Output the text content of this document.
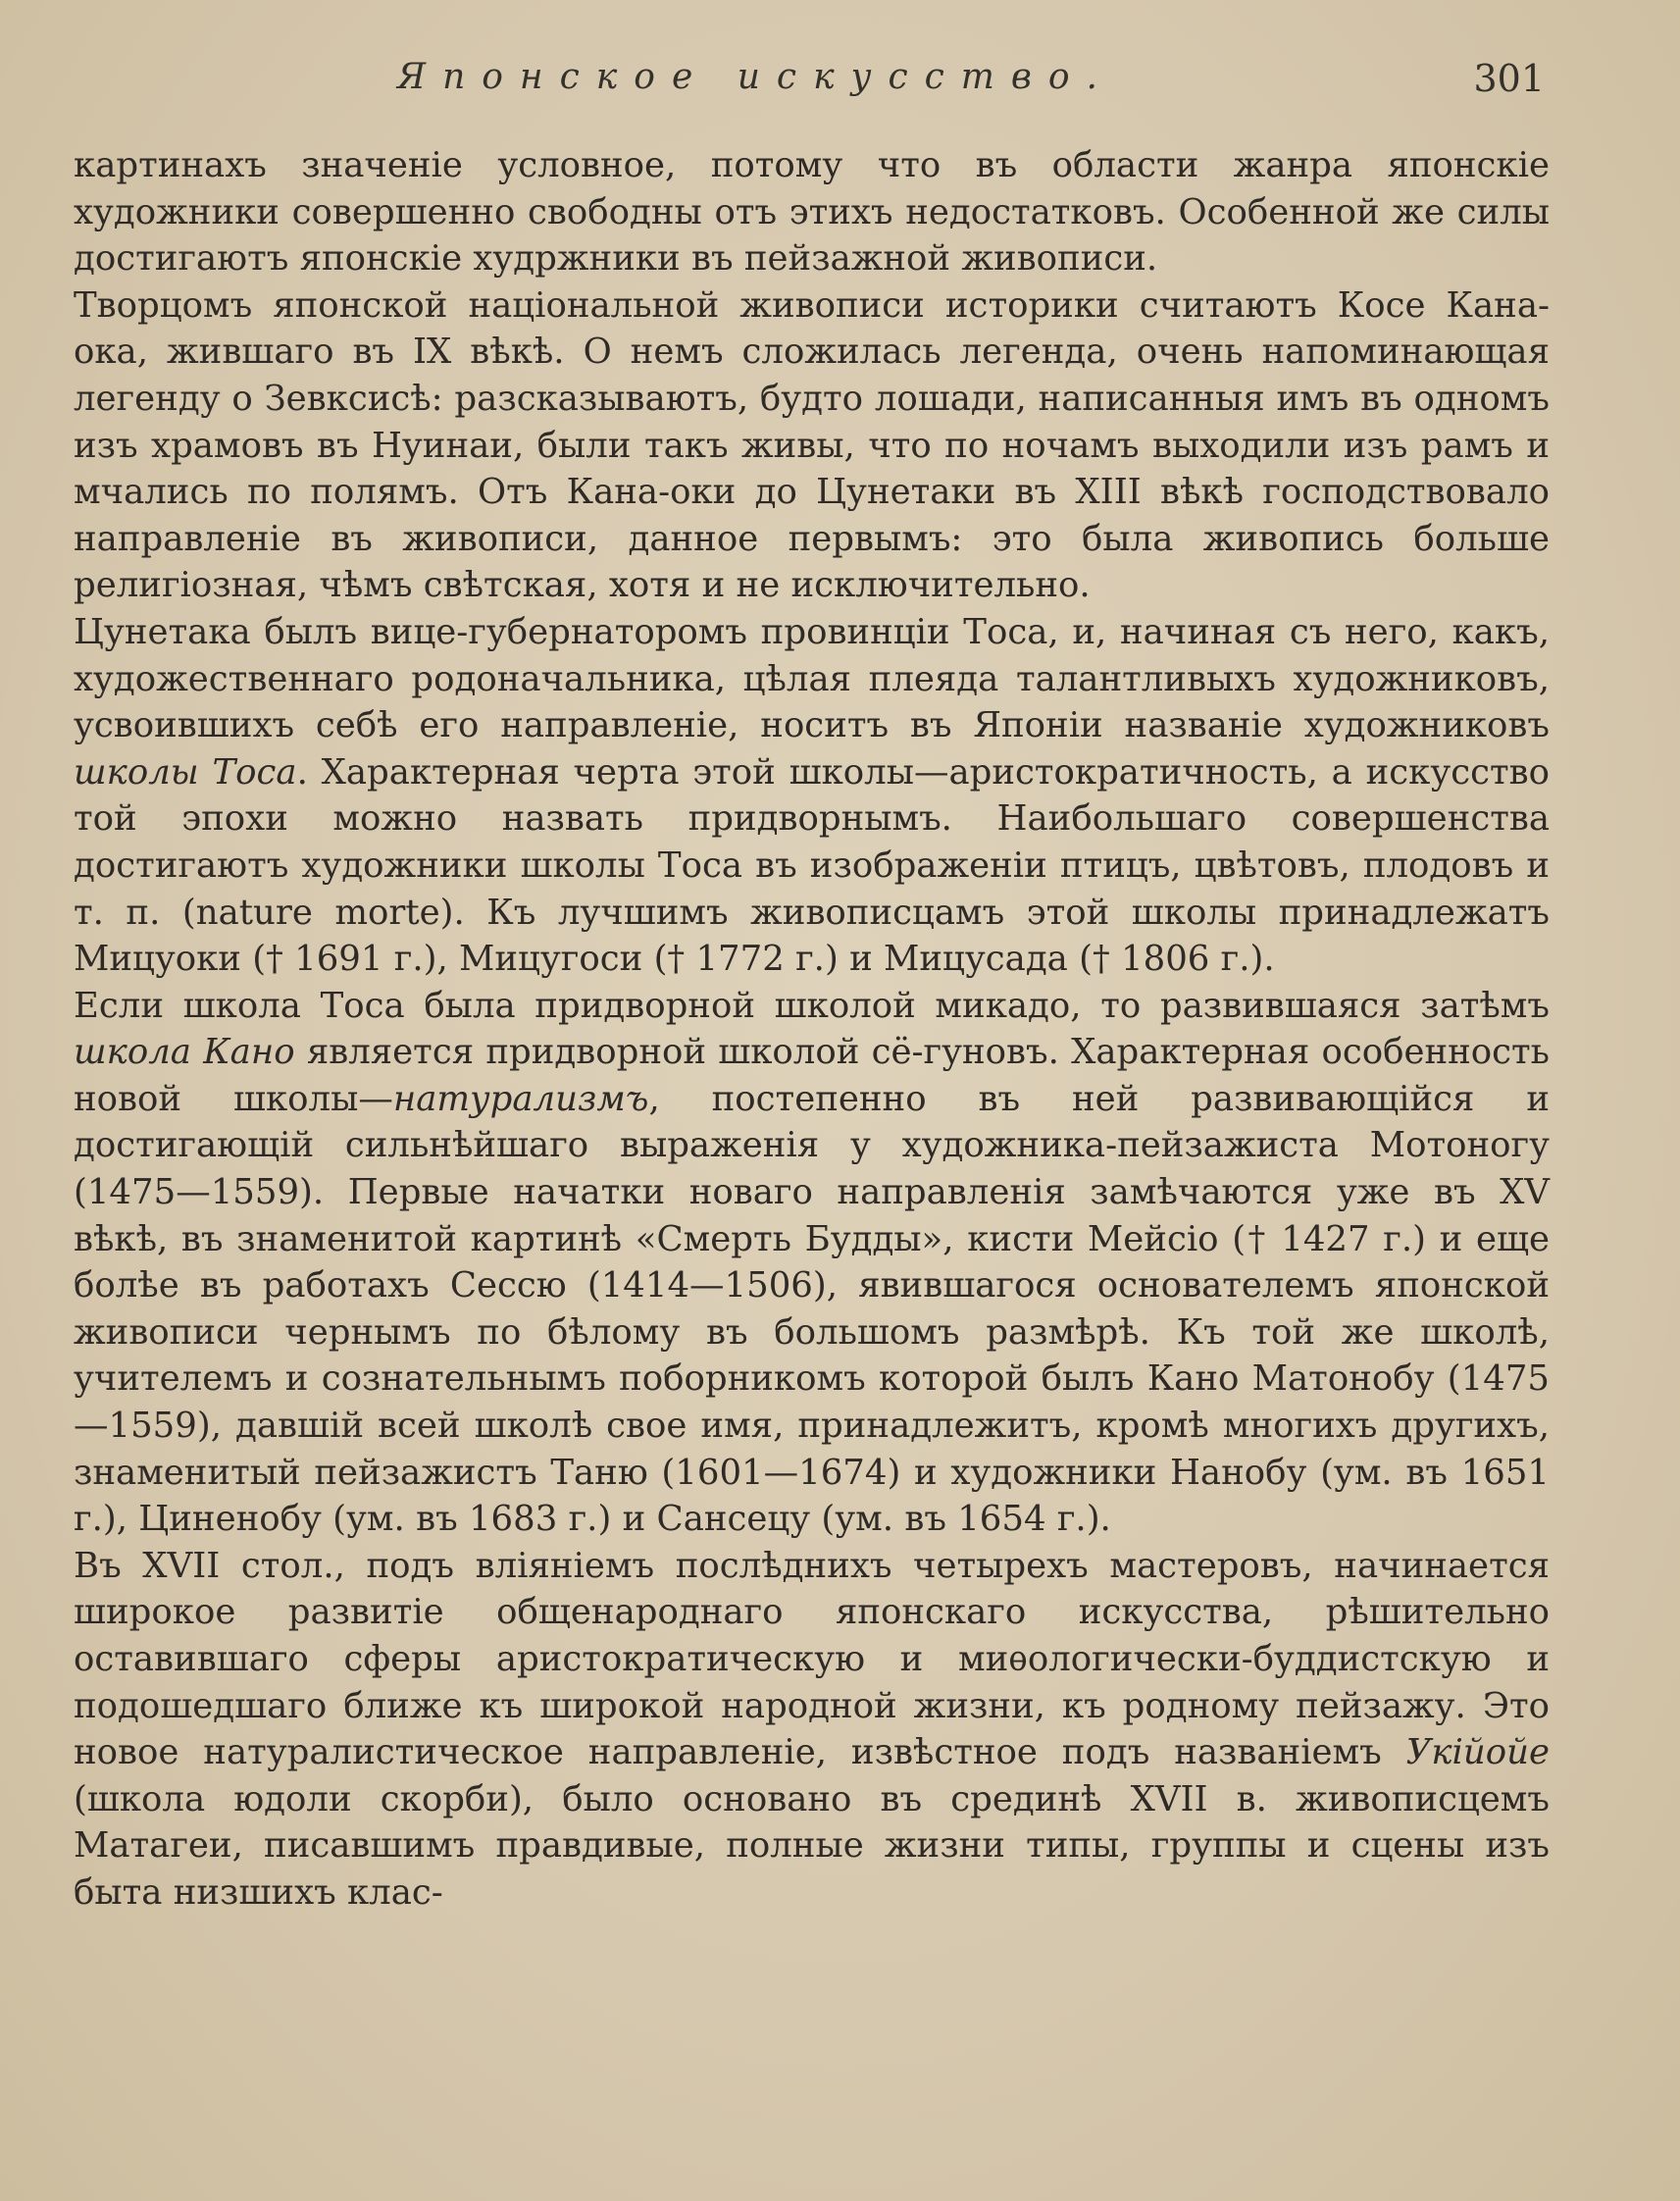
Японское искусство.	301

картинахъ значеніе условное, потому что въ области жанра японскіе художники совершенно свободны отъ этихъ недостатковъ. Особенной же силы достигаютъ японскіе худржники въ пейзажной живописи.

Творцомъ японской національной живописи историки считаютъ Косе Кана-ока, жившаго въ IX вѣкѣ. О немъ сложилась легенда, очень напоминающая легенду о Зевксисѣ: разсказываютъ, будто лошади, написанныя имъ въ одномъ изъ храмовъ въ Нуинаи, были такъ живы, что по ночамъ выходили изъ рамъ и мчались по полямъ. Отъ Кана-оки до Цунетаки въ XIII вѣкѣ господствовало направленіе въ живописи, данное первымъ: это была живопись больше религіозная, чѣмъ свѣтская, хотя и не исключительно.

Цунетака былъ вице-губернаторомъ провинціи Тоса, и, начиная съ него, какъ, художественнаго родоначальника, цѣлая плеяда талантливыхъ художниковъ, усвоившихъ себѣ его направленіе, носитъ въ Японіи названіе художниковъ школы Тоса. Характерная черта этой школы—аристократичность, а искусство той эпохи можно назвать придворнымъ. Наибольшаго совершенства достигаютъ художники школы Тоса въ изображеніи птицъ, цвѣтовъ, плодовъ и т. п. (nature morte). Къ лучшимъ живописцамъ этой школы принадлежатъ Мицуоки († 1691 г.), Мицугоси († 1772 г.) и Мицусада († 1806 г.).

Если школа Тоса была придворной школой микадо, то развившаяся затѣмъ школа Кано является придворной школой сё-гуновъ. Характерная особенность новой школы—натурализмъ, постепенно въ ней развивающійся и достигающій сильнѣйшаго выраженія у художника-пейзажиста Мотоногу (1475—1559). Первые начатки новаго направленія замѣчаются уже въ XV вѣкѣ, въ знаменитой картинѣ «Смерть Будды», кисти Мейсіо († 1427 г.) и еще болѣе въ работахъ Сессю (1414—1506), явившагося основателемъ японской живописи чернымъ по бѣлому въ большомъ размѣрѣ. Къ той же школѣ, учителемъ и сознательнымъ поборникомъ которой былъ Кано Матонобу (1475—1559), давшій всей школѣ свое имя, принадлежитъ, кромѣ многихъ другихъ, знаменитый пейзажистъ Таню (1601—1674) и художники Нанобу (ум. въ 1651 г.), Циненобу (ум. въ 1683 г.) и Сансецу (ум. въ 1654 г.).

Въ XVII стол., подъ вліяніемъ послѣднихъ четырехъ мастеровъ, начинается широкое развитіе общенароднаго японскаго искусства, рѣшительно оставившаго сферы аристократическую и миѳологически-буддистскую и подошедшаго ближе къ широкой народной жизни, къ родному пейзажу. Это новое натуралистическое направленіе, извѣстное подъ названіемъ Укійойе (школа юдоли скорби), было основано въ срединѣ XVII в. живописцемъ Матагеи, писавшимъ правдивые, полные жизни типы, группы и сцены изъ быта низшихъ клас-
